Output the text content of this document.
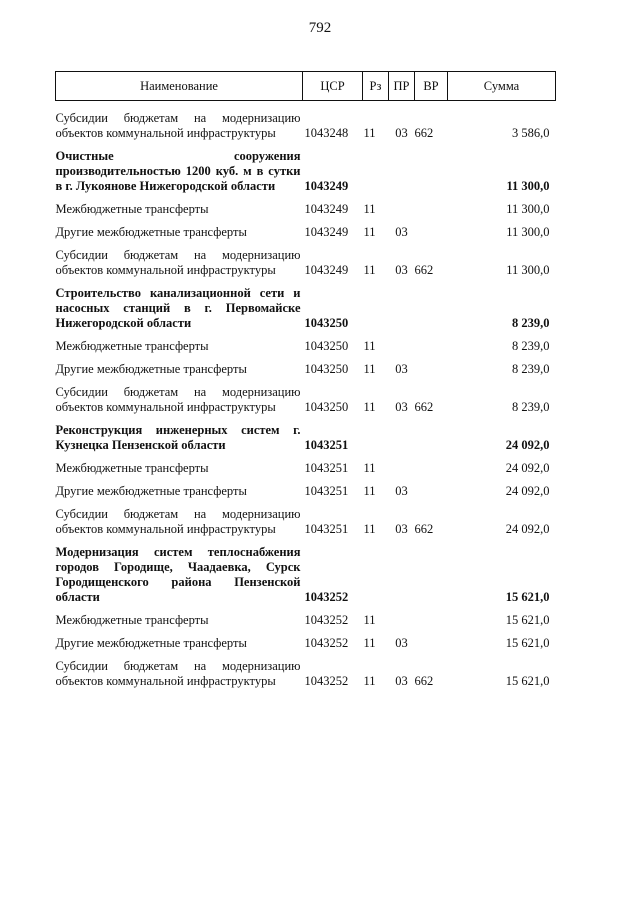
792
Наименование	ЦСР	Рз	ПР	ВР	Сумма
Субсидии бюджетам на модернизацию объектов коммунальной инфраструктуры	1043248	11	03	662	3 586,0
Очистные сооружения производительностью 1200 куб. м в сутки в г. Лукоянове Нижегородской области	1043249				11 300,0
Межбюджетные трансферты	1043249	11			11 300,0
Другие межбюджетные трансферты	1043249	11	03		11 300,0
Субсидии бюджетам на модернизацию объектов коммунальной инфраструктуры	1043249	11	03	662	11 300,0
Строительство канализационной сети и насосных станций в г. Первомайске Нижегородской области	1043250				8 239,0
Межбюджетные трансферты	1043250	11			8 239,0
Другие межбюджетные трансферты	1043250	11	03		8 239,0
Субсидии бюджетам на модернизацию объектов коммунальной инфраструктуры	1043250	11	03	662	8 239,0
Реконструкция инженерных систем г. Кузнецка Пензенской области	1043251				24 092,0
Межбюджетные трансферты	1043251	11			24 092,0
Другие межбюджетные трансферты	1043251	11	03		24 092,0
Субсидии бюджетам на модернизацию объектов коммунальной инфраструктуры	1043251	11	03	662	24 092,0
Модернизация систем теплоснабжения городов Городище, Чаадаевка, Сурск Городищенского района Пензенской области	1043252				15 621,0
Межбюджетные трансферты	1043252	11			15 621,0
Другие межбюджетные трансферты	1043252	11	03		15 621,0
Субсидии бюджетам на модернизацию объектов коммунальной инфраструктуры	1043252	11	03	662	15 621,0
